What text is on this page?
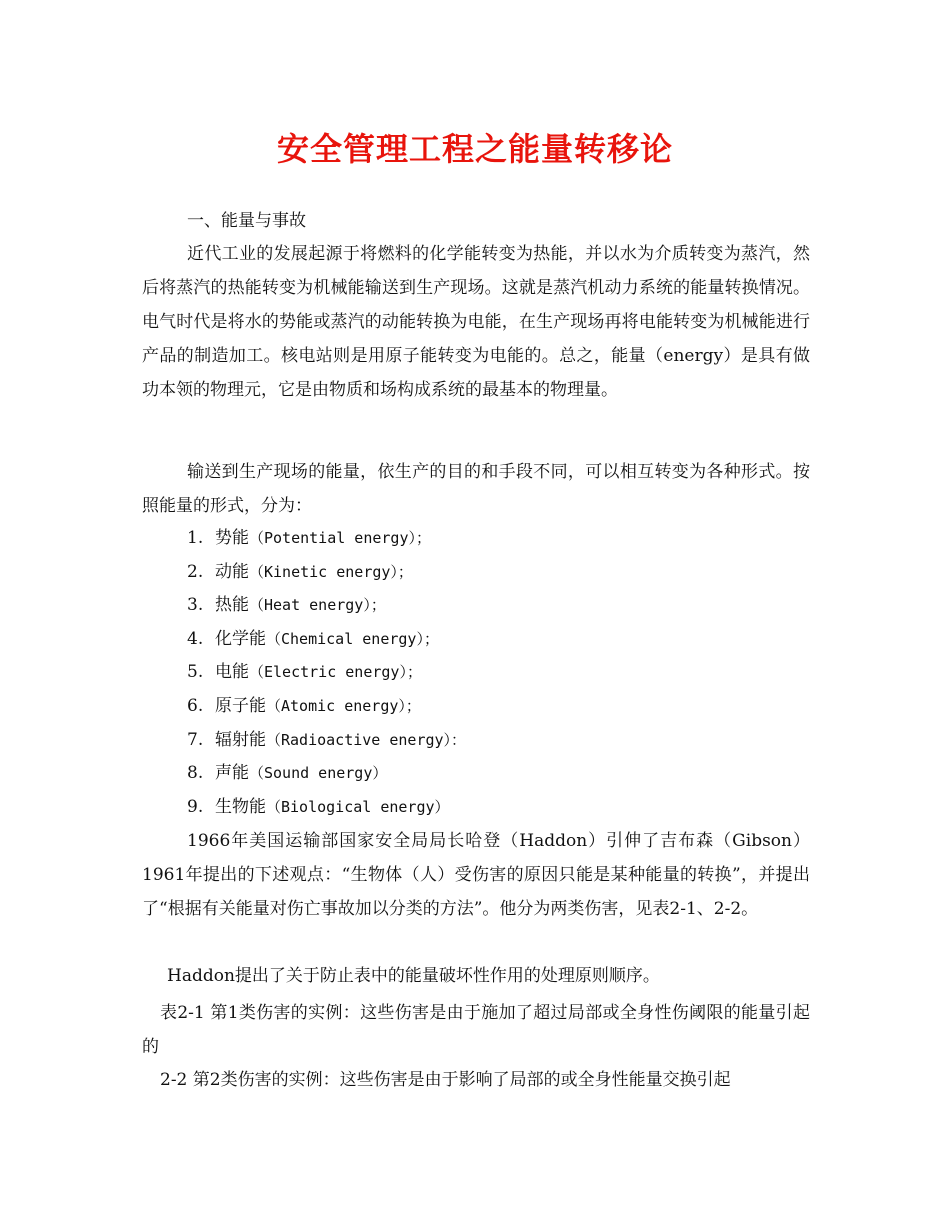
安全管理工程之能量转移论

一、能量与事故

近代工业的发展起源于将燃料的化学能转变为热能，并以水为介质转变为蒸汽，然后将蒸汽的热能转变为机械能输送到生产现场。这就是蒸汽机动力系统的能量转换情况。电气时代是将水的势能或蒸汽的动能转换为电能，在生产现场再将电能转变为机械能进行产品的制造加工。核电站则是用原子能转变为电能的。总之，能量（energy）是具有做功本领的物理元，它是由物质和场构成系统的最基本的物理量。

输送到生产现场的能量，依生产的目的和手段不同，可以相互转变为各种形式。按照能量的形式，分为：

1. 势能（Potential energy）；
2. 动能（Kinetic energy）；
3. 热能（Heat energy）；
4. 化学能（Chemical energy）；
5. 电能（Electric energy）；
6. 原子能（Atomic energy）；
7. 辐射能（Radioactive energy）：
8. 声能（Sound energy）
9. 生物能（Biological energy）

1966年美国运输部国家安全局局长哈登（Haddon）引伸了吉布森（Gibson）1961年提出的下述观点：“生物体（人）受伤害的原因只能是某种能量的转换”，并提出了“根据有关能量对伤亡事故加以分类的方法”。他分为两类伤害，见表2-1、2-2。

Haddon提出了关于防止表中的能量破坏性作用的处理原则顺序。

表2-1 第1类伤害的实例：这些伤害是由于施加了超过局部或全身性伤阈限的能量引起的

2-2 第2类伤害的实例：这些伤害是由于影响了局部的或全身性能量交换引起
